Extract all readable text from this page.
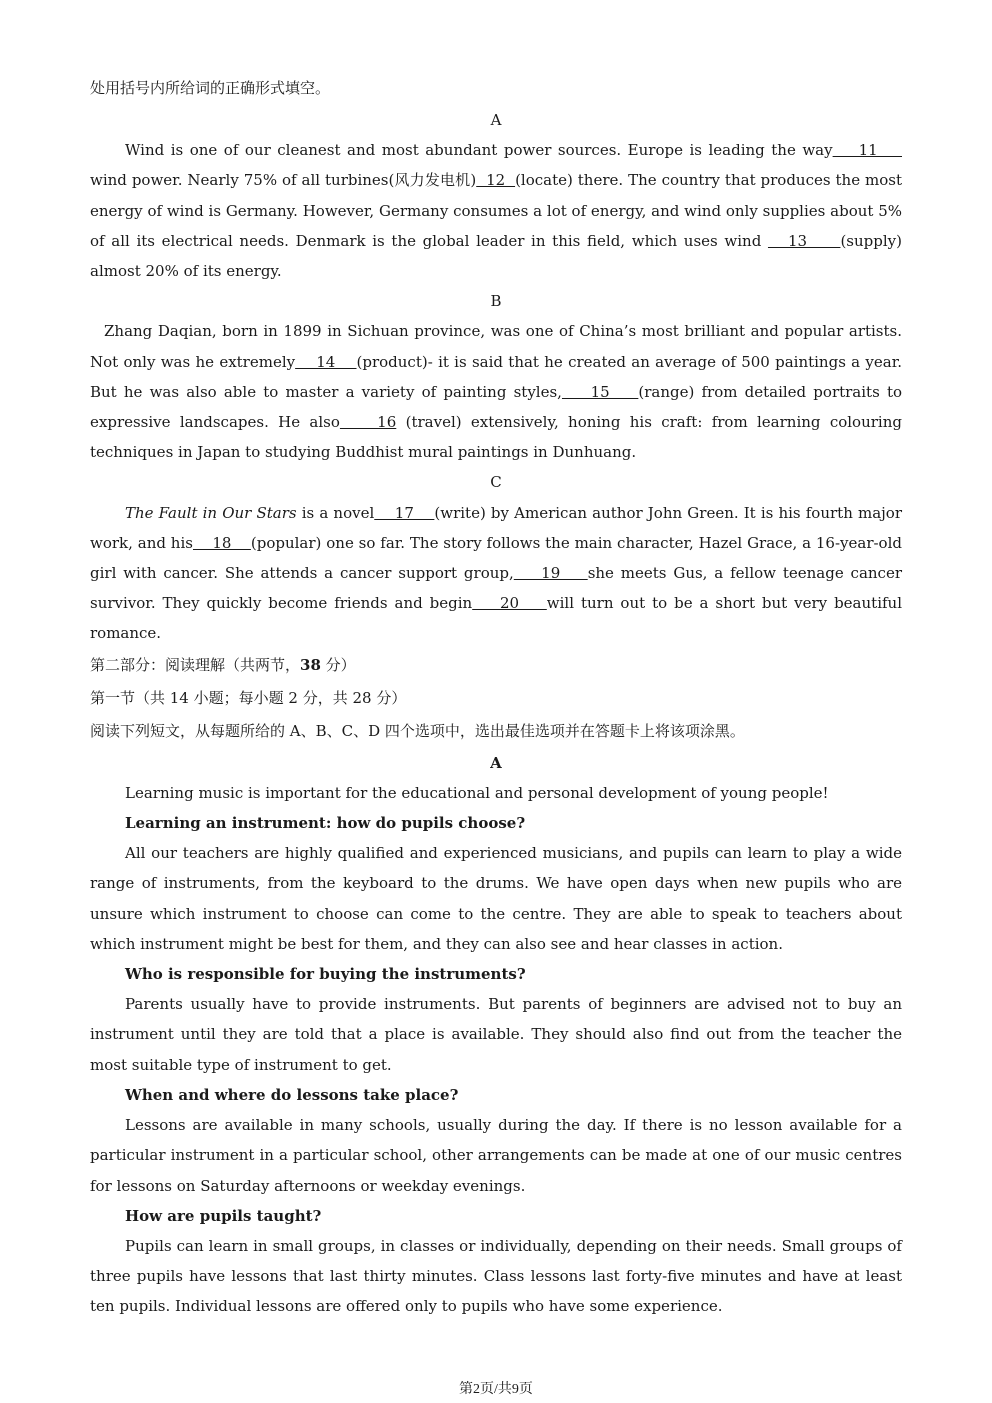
处用括号内所给词的正确形式填空。
A
Wind is one of our cleanest and most abundant power sources. Europe is leading the way    11     wind power. Nearly 75% of all turbines(风力发电机)  12  (locate) there. The country that produces the most energy of wind is Germany. However, Germany consumes a lot of energy, and wind only supplies about 5% of all its electrical needs. Denmark is the global leader in this field, which uses wind    13     (supply) almost 20% of its energy.
B
Zhang Daqian, born in 1899 in Sichuan province, was one of China’s most brilliant and popular artists. Not only was he extremely    14    (product)- it is said that he created an average of 500 paintings a year. But he was also able to master a variety of painting styles,    15    (range) from detailed portraits to expressive landscapes. He also    16 (travel) extensively, honing his craft: from learning colouring techniques in Japan to studying Buddhist mural paintings in Dunhuang.
C
The Fault in Our Stars is a novel    17    (write) by American author John Green. It is his fourth major work, and his    18    (popular) one so far. The story follows the main character, Hazel Grace, a 16-year-old girl with cancer. She attends a cancer support group,    19    she meets Gus, a fellow teenage cancer survivor. They quickly become friends and begin    20    will turn out to be a short but very beautiful romance.
第二部分：阅读理解（共两节，38 分）
第一节（共 14 小题；每小题 2 分，共 28 分）
阅读下列短文，从每题所给的 A、B、C、D 四个选项中，选出最佳选项并在答题卡上将该项涂黑。
A
Learning music is important for the educational and personal development of young people!
Learning an instrument: how do pupils choose?
All our teachers are highly qualified and experienced musicians, and pupils can learn to play a wide range of instruments, from the keyboard to the drums. We have open days when new pupils who are unsure which instrument to choose can come to the centre. They are able to speak to teachers about which instrument might be best for them, and they can also see and hear classes in action.
Who is responsible for buying the instruments?
Parents usually have to provide instruments. But parents of beginners are advised not to buy an instrument until they are told that a place is available. They should also find out from the teacher the most suitable type of instrument to get.
When and where do lessons take place?
Lessons are available in many schools, usually during the day. If there is no lesson available for a particular instrument in a particular school, other arrangements can be made at one of our music centres for lessons on Saturday afternoons or weekday evenings.
How are pupils taught?
Pupils can learn in small groups, in classes or individually, depending on their needs. Small groups of three pupils have lessons that last thirty minutes. Class lessons last forty-five minutes and have at least ten pupils. Individual lessons are offered only to pupils who have some experience.
第2页/共9页
